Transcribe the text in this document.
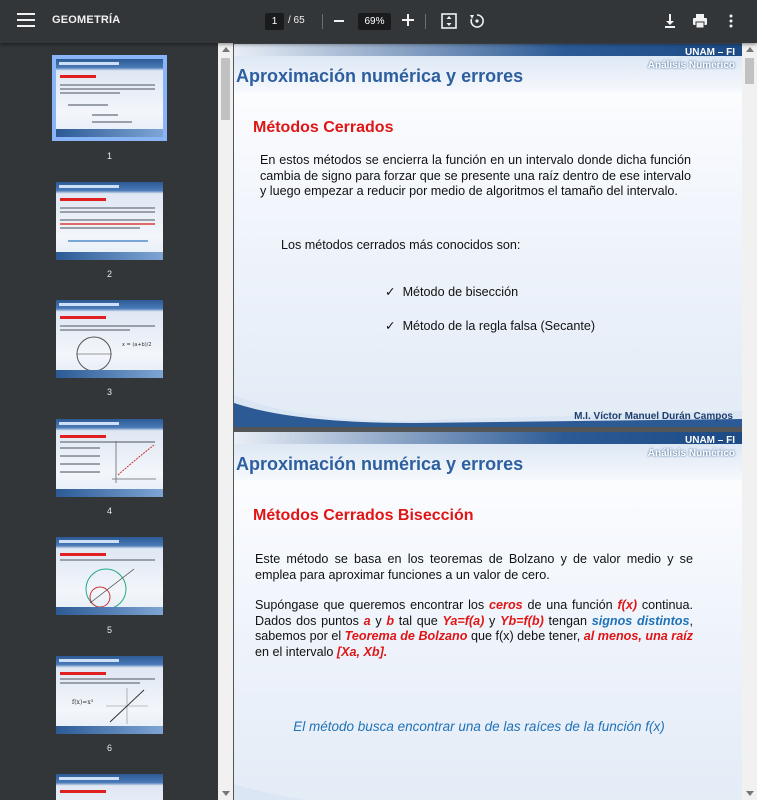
GEOMETRÍA	1	/ 65	69%
1
2
x = (a+b)/2
3
4
5
f(x)=x³
6
UNAM – FI
Análisis Numérico
Aproximación numérica y errores
Métodos Cerrados
En estos métodos se encierra la función en un intervalo donde dicha función cambia de signo para forzar que se presente una raíz dentro de ese intervalo y luego empezar a reducir por medio de algoritmos el tamaño del intervalo.
Los métodos cerrados más conocidos son:
✓ Método de bisección
✓ Método de la regla falsa (Secante)
M.I. Víctor Manuel Durán Campos
UNAM – FI
Análisis Numérico
Aproximación numérica y errores
Métodos Cerrados Bisección
Este método se basa en los teoremas de Bolzano y de valor medio y se emplea para aproximar funciones a un valor de cero.
Supóngase que queremos encontrar los ceros de una función f(x) continua. Dados dos puntos a y b tal que Ya=f(a) y Yb=f(b) tengan signos distintos, sabemos por el Teorema de Bolzano que f(x) debe tener, al menos, una raíz en el intervalo [Xa, Xb].
El método busca encontrar una de las raíces de la función f(x)
